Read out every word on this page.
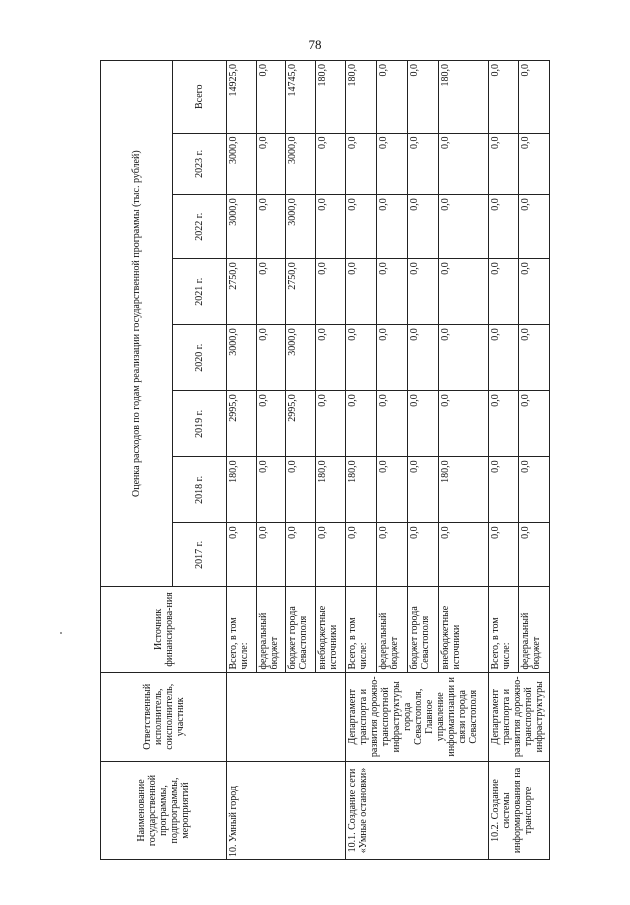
78
Наименование государственной программы, подпрограммы, мероприятий	Ответственный исполнитель, соисполнитель, участник	Источник финансирова-ния	Оценка расходов по годам реализации государственной программы (тыс. рублей)							
			2017 г.	2018 г.	2019 г.	2020 г.	2021 г.	2022 г.	2023 г.	Всего
10. Умный город		Всего, в том числе:	0,0	180,0	2995,0	3000,0	2750,0	3000,0	3000,0	14925,0
		федеральный бюджет	0,0	0,0	0,0	0,0	0,0	0,0	0,0	0,0
		бюджет города Севастополя	0,0	0,0	2995,0	3000,0	2750,0	3000,0	3000,0	14745,0
		внебюджетные источники	0,0	180,0	0,0	0,0	0,0	0,0	0,0	180,0
10.1. Создание сети «Умные остановки»	Департамент транспорта и развития дорожно-транспортной инфраструктуры города Севастополя, Главное управление информатизации и связи города Севастополя	Всего, в том числе:	0,0	180,0	0,0	0,0	0,0	0,0	0,0	180,0
		федеральный бюджет	0,0	0,0	0,0	0,0	0,0	0,0	0,0	0,0
		бюджет города Севастополя	0,0	0,0	0,0	0,0	0,0	0,0	0,0	0,0
		внебюджетные источники	0,0	180,0	0,0	0,0	0,0	0,0	0,0	180,0
10.2. Создание системы информирования на транспорте	Департамент транспорта и развития дорожно-транспортной инфраструктуры	Всего, в том числе:	0,0	0,0	0,0	0,0	0,0	0,0	0,0	0,0
		федеральный бюджет	0,0	0,0	0,0	0,0	0,0	0,0	0,0	0,0
